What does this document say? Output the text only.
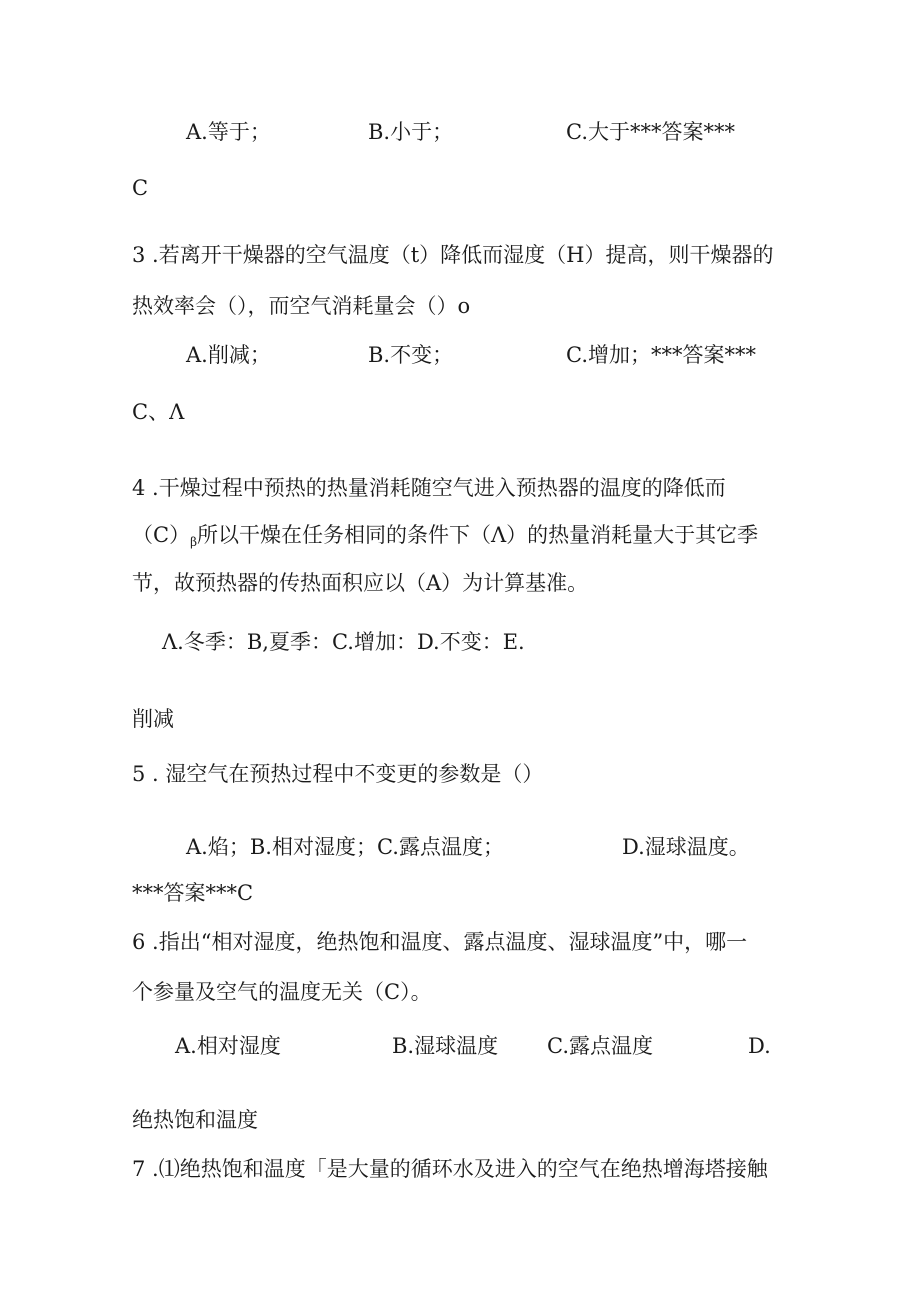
A.等于；	B.小于；	C.大于***答案***
C
3 .若离开干燥器的空气温度（t）降低而湿度（H）提高，则干燥器的
热效率会（），而空气消耗量会（）o
A.削减；	B.不变；	C.增加；***答案***
C、Λ
4 .干燥过程中预热的热量消耗随空气进入预热器的温度的降低而
$(C)_\beta$所以干燥在任务相同的条件下（Λ）的热量消耗量大于其它季
节，故预热器的传热面积应以（A）为计算基准。
Λ.冬季：B,夏季：C.增加：D.不变：E.
削减
5 . 湿空气在预热过程中不变更的参数是（）
A.焰；B.相对湿度；C.露点温度；	D.湿球温度。
***答案***C
6 .指出“相对湿度，绝热饱和温度、露点温度、湿球温度”中，哪一
个参量及空气的温度无关（C）。
A.相对湿度	B.湿球温度 C.露点温度	D.
绝热饱和温度
7 .⑴绝热饱和温度「是大量的循环水及进入的空气在绝热增海塔接触
